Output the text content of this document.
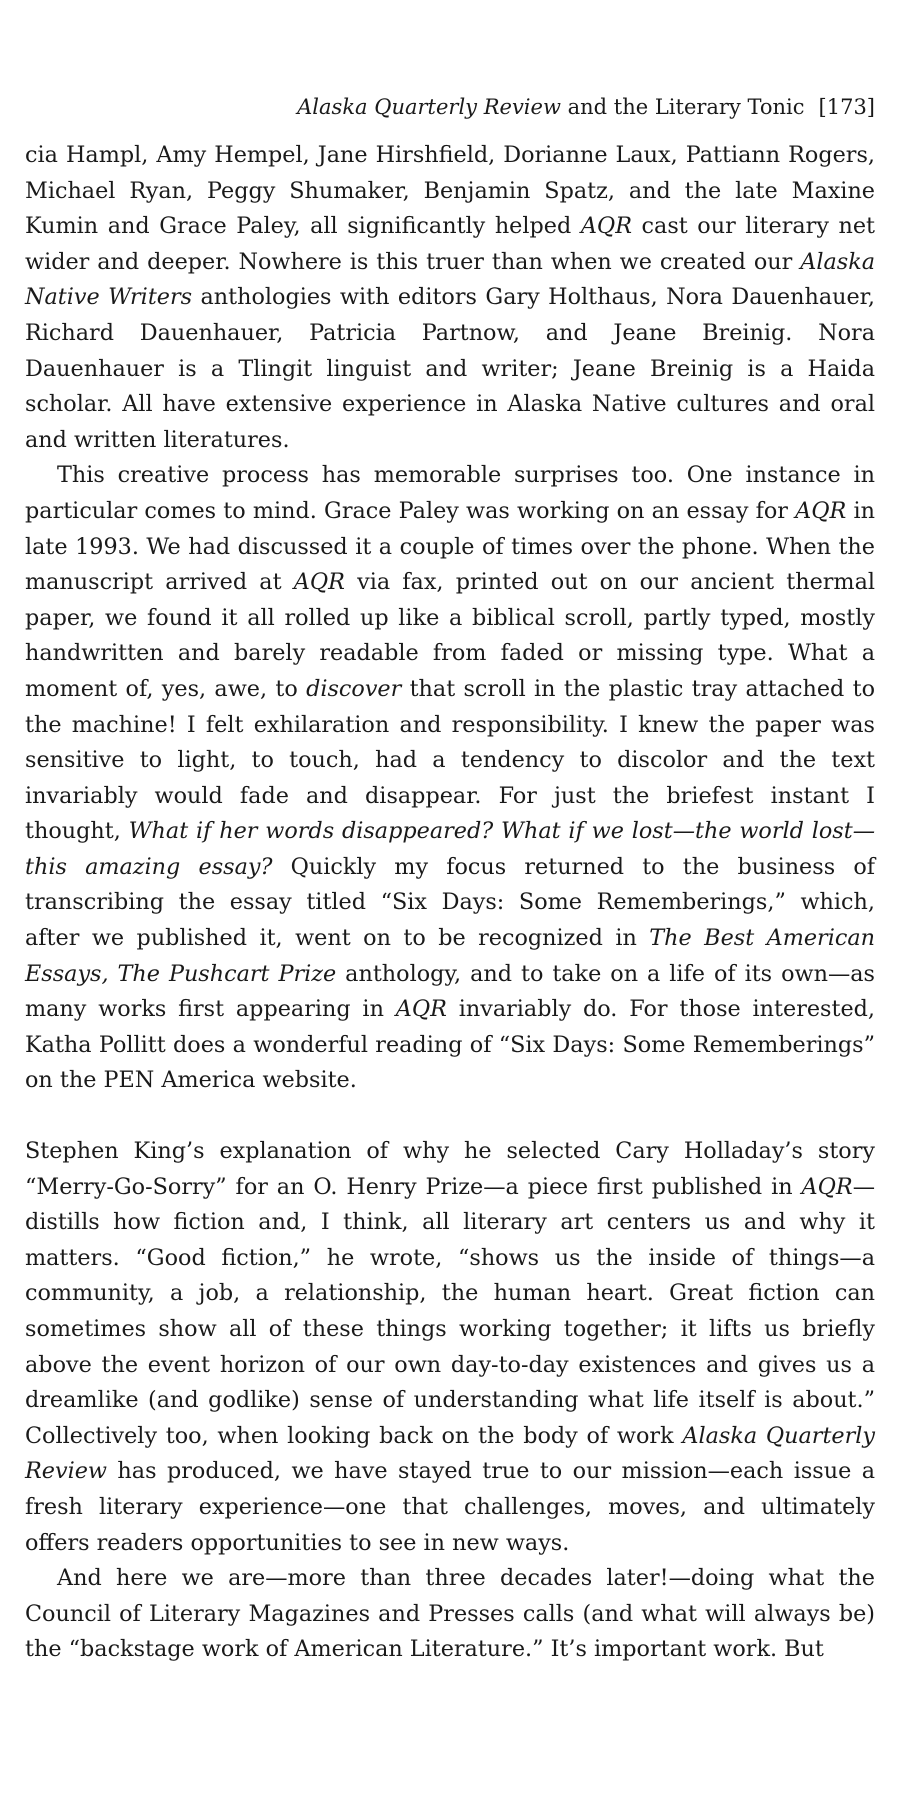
Alaska Quarterly Review and the Literary Tonic [173]

cia Hampl, Amy Hempel, Jane Hirshfield, Dorianne Laux, Pattiann Rogers, Michael Ryan, Peggy Shumaker, Benjamin Spatz, and the late Maxine Kumin and Grace Paley, all significantly helped AQR cast our literary net wider and deeper. Nowhere is this truer than when we created our Alaska Native Writers anthologies with editors Gary Holthaus, Nora Dauenhauer, Richard Dauenhauer, Patricia Partnow, and Jeane Breinig. Nora Dauenhauer is a Tlingit linguist and writer; Jeane Breinig is a Haida scholar. All have extensive experience in Alaska Native cultures and oral and written literatures.

This creative process has memorable surprises too. One instance in particular comes to mind. Grace Paley was working on an essay for AQR in late 1993. We had discussed it a couple of times over the phone. When the manuscript arrived at AQR via fax, printed out on our ancient thermal paper, we found it all rolled up like a biblical scroll, partly typed, mostly handwritten and barely readable from faded or missing type. What a moment of, yes, awe, to discover that scroll in the plastic tray attached to the machine! I felt exhilaration and responsibility. I knew the paper was sensitive to light, to touch, had a tendency to discolor and the text invariably would fade and disappear. For just the briefest instant I thought, What if her words disappeared? What if we lost—the world lost—this amazing essay? Quickly my focus returned to the business of transcribing the essay titled “Six Days: Some Rememberings,” which, after we published it, went on to be recognized in The Best American Essays, The Pushcart Prize anthology, and to take on a life of its own—as many works first appearing in AQR invariably do. For those interested, Katha Pollitt does a wonderful reading of “Six Days: Some Rememberings” on the PEN America website.

Stephen King’s explanation of why he selected Cary Holladay’s story “Merry-Go-Sorry” for an O. Henry Prize—a piece first published in AQR—distills how fiction and, I think, all literary art centers us and why it matters. “Good fiction,” he wrote, “shows us the inside of things—a community, a job, a relationship, the human heart. Great fiction can sometimes show all of these things working together; it lifts us briefly above the event horizon of our own day-to-day existences and gives us a dreamlike (and godlike) sense of understanding what life itself is about.” Collectively too, when looking back on the body of work Alaska Quarterly Review has produced, we have stayed true to our mission—each issue a fresh literary experience—one that challenges, moves, and ultimately offers readers opportunities to see in new ways.

And here we are—more than three decades later!—doing what the Council of Literary Magazines and Presses calls (and what will always be) the “backstage work of American Literature.” It’s important work. But
